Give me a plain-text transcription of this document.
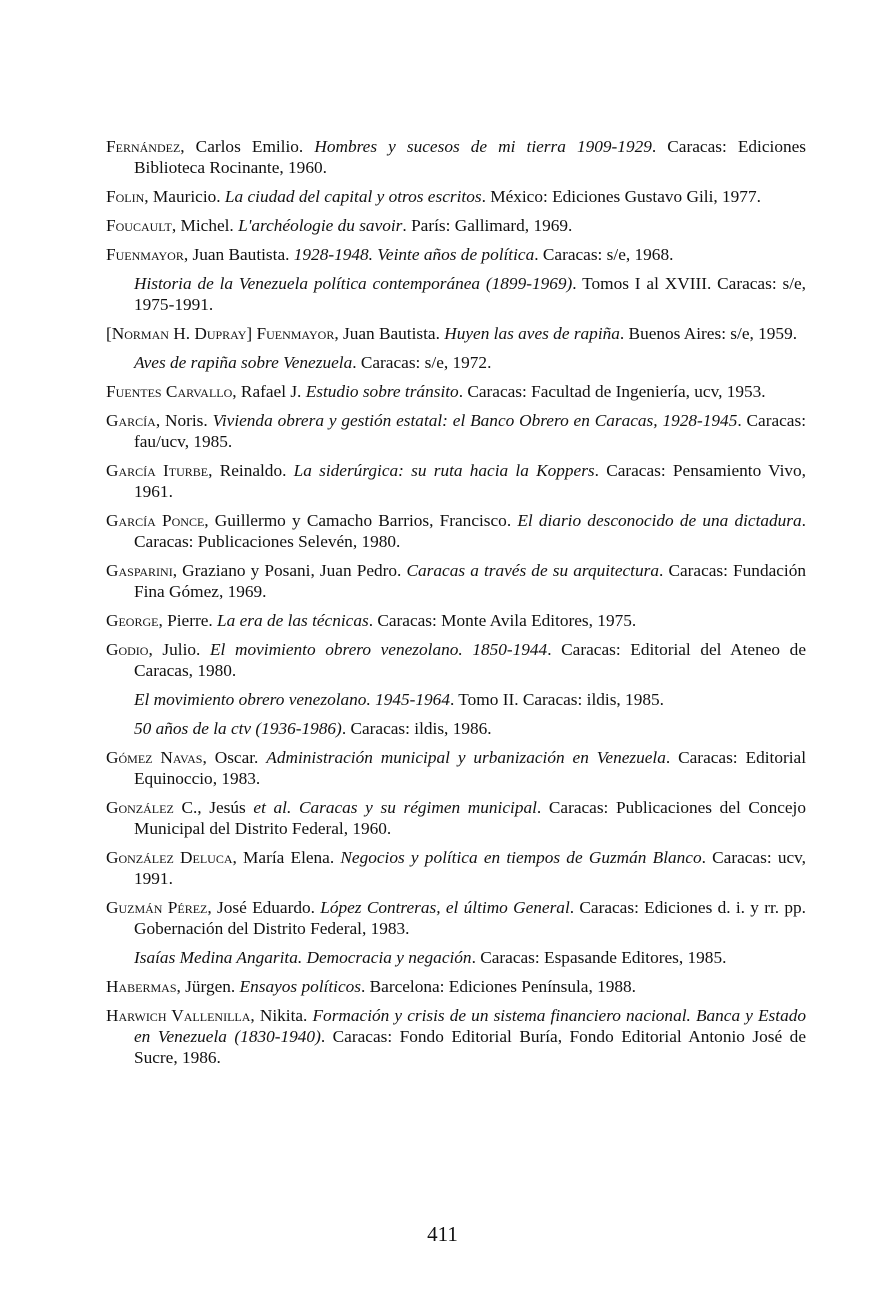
Fernández, Carlos Emilio. Hombres y sucesos de mi tierra 1909-1929. Caracas: Ediciones Biblioteca Rocinante, 1960.

Folin, Mauricio. La ciudad del capital y otros escritos. México: Ediciones Gustavo Gili, 1977.

Foucault, Michel. L'archéologie du savoir. París: Gallimard, 1969.

Fuenmayor, Juan Bautista. 1928-1948. Veinte años de política. Caracas: s/e, 1968.

Historia de la Venezuela política contemporánea (1899-1969). Tomos I al XVIII. Caracas: s/e, 1975-1991.

[Norman H. Dupray] Fuenmayor, Juan Bautista. Huyen las aves de rapiña. Buenos Aires: s/e, 1959.

Aves de rapiña sobre Venezuela. Caracas: s/e, 1972.

Fuentes Carvallo, Rafael J. Estudio sobre tránsito. Caracas: Facultad de Ingeniería, ucv, 1953.

García, Noris. Vivienda obrera y gestión estatal: el Banco Obrero en Caracas, 1928-1945. Caracas: fau/ucv, 1985.

García Iturbe, Reinaldo. La siderúrgica: su ruta hacia la Koppers. Caracas: Pensamiento Vivo, 1961.

García Ponce, Guillermo y Camacho Barrios, Francisco. El diario desconocido de una dictadura. Caracas: Publicaciones Selevén, 1980.

Gasparini, Graziano y Posani, Juan Pedro. Caracas a través de su arquitectura. Caracas: Fundación Fina Gómez, 1969.

George, Pierre. La era de las técnicas. Caracas: Monte Avila Editores, 1975.

Godio, Julio. El movimiento obrero venezolano. 1850-1944. Caracas: Editorial del Ateneo de Caracas, 1980.

El movimiento obrero venezolano. 1945-1964. Tomo II. Caracas: ildis, 1985.

50 años de la ctv (1936-1986). Caracas: ildis, 1986.

Gómez Navas, Oscar. Administración municipal y urbanización en Venezuela. Caracas: Editorial Equinoccio, 1983.

González C., Jesús et al. Caracas y su régimen municipal. Caracas: Publicaciones del Concejo Municipal del Distrito Federal, 1960.

González Deluca, María Elena. Negocios y política en tiempos de Guzmán Blanco. Caracas: ucv, 1991.

Guzmán Pérez, José Eduardo. López Contreras, el último General. Caracas: Ediciones d. i. y rr. pp. Gobernación del Distrito Federal, 1983.

Isaías Medina Angarita. Democracia y negación. Caracas: Espasande Editores, 1985.

Habermas, Jürgen. Ensayos políticos. Barcelona: Ediciones Península, 1988.

Harwich Vallenilla, Nikita. Formación y crisis de un sistema financiero nacional. Banca y Estado en Venezuela (1830-1940). Caracas: Fondo Editorial Buría, Fondo Editorial Antonio José de Sucre, 1986.

411
